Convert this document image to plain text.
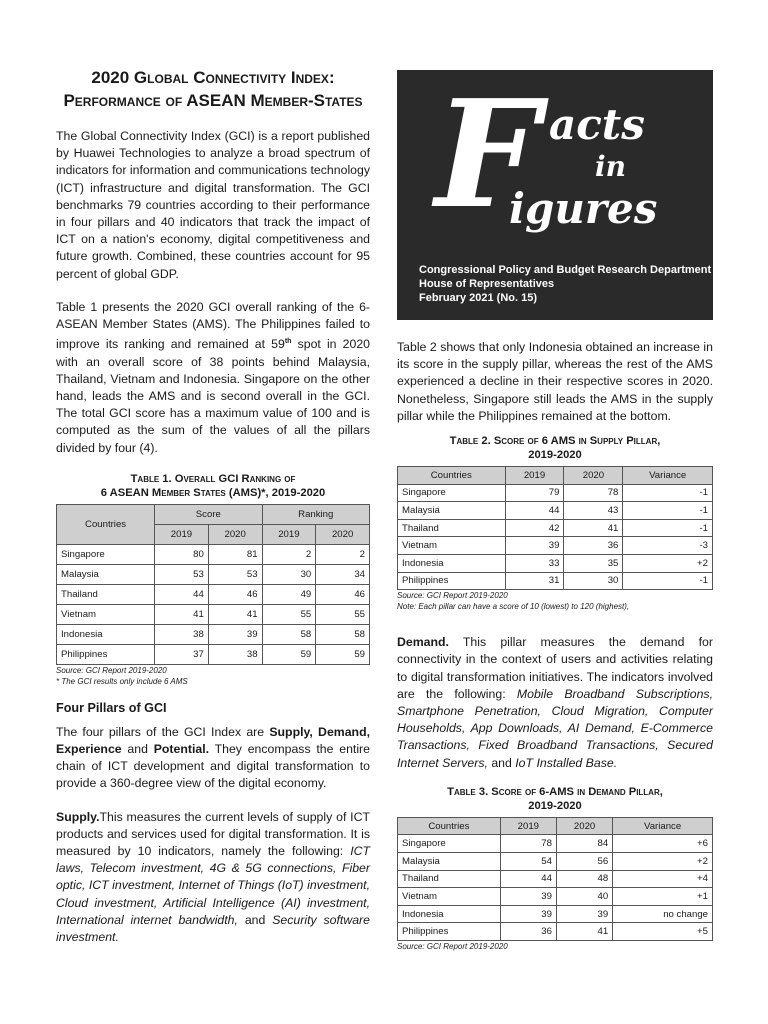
2020 Global Connectivity Index: Performance of ASEAN Member-States

The Global Connectivity Index (GCI) is a report published by Huawei Technologies to analyze a broad spectrum of indicators for information and communications technology (ICT) infrastructure and digital transformation. The GCI benchmarks 79 countries according to their performance in four pillars and 40 indicators that track the impact of ICT on a nation's economy, digital competitiveness and future growth. Combined, these countries account for 95 percent of global GDP.

Table 1 presents the 2020 GCI overall ranking of the 6-ASEAN Member States (AMS). The Philippines failed to improve its ranking and remained at 59th spot in 2020 with an overall score of 38 points behind Malaysia, Thailand, Vietnam and Indonesia. Singapore on the other hand, leads the AMS and is second overall in the GCI. The total GCI score has a maximum value of 100 and is computed as the sum of the values of all the pillars divided by four (4).

Table 1. Overall GCI Ranking of
6 ASEAN Member States (AMS)*, 2019-2020
Countries	Score		Ranking	
	2019	2020	2019	2020
Singapore	80	81	2	2
Malaysia	53	53	30	34
Thailand	44	46	49	46
Vietnam	41	41	55	55
Indonesia	38	39	58	58
Philippines	37	38	59	59
Source: GCI Report 2019-2020
* The GCI results only include 6 AMS
Four Pillars of GCI

The four pillars of the GCI Index are Supply, Demand, Experience and Potential. They encompass the entire chain of ICT development and digital transformation to provide a 360-degree view of the digital economy.

Supply.This measures the current levels of supply of ICT products and services used for digital transformation. It is measured by 10 indicators, namely the following: ICT laws, Telecom investment, 4G & 5G connections, Fiber optic, ICT investment, Internet of Things (IoT) investment, Cloud investment, Artificial Intelligence (AI) investment, International internet bandwidth, and Security software investment.

F acts
in
igures
Congressional Policy and Budget Research Department
House of Representatives
February 2021 (No. 15)

Table 2 shows that only Indonesia obtained an increase in its score in the supply pillar, whereas the rest of the AMS experienced a decline in their respective scores in 2020. Nonetheless, Singapore still leads the AMS in the supply pillar while the Philippines remained at the bottom.

Table 2. Score of 6 AMS in Supply Pillar,
2019-2020
Countries	2019	2020	Variance
Singapore	79	78	-1
Malaysia	44	43	-1
Thailand	42	41	-1
Vietnam	39	36	-3
Indonesia	33	35	+2
Philippines	31	30	-1
Source: GCI Report 2019-2020
Note: Each pillar can have a score of 10 (lowest) to 120 (highest),

Demand. This pillar measures the demand for connectivity in the context of users and activities relating to digital transformation initiatives. The indicators involved are the following: Mobile Broadband Subscriptions, Smartphone Penetration, Cloud Migration, Computer Households, App Downloads, AI Demand, E-Commerce Transactions, Fixed Broadband Transactions, Secured Internet Servers, and IoT Installed Base.

Table 3. Score of 6-AMS in Demand Pillar,
2019-2020
Countries	2019	2020	Variance
Singapore	78	84	+6
Malaysia	54	56	+2
Thailand	44	48	+4
Vietnam	39	40	+1
Indonesia	39	39	no change
Philippines	36	41	+5
Source: GCI Report 2019-2020
